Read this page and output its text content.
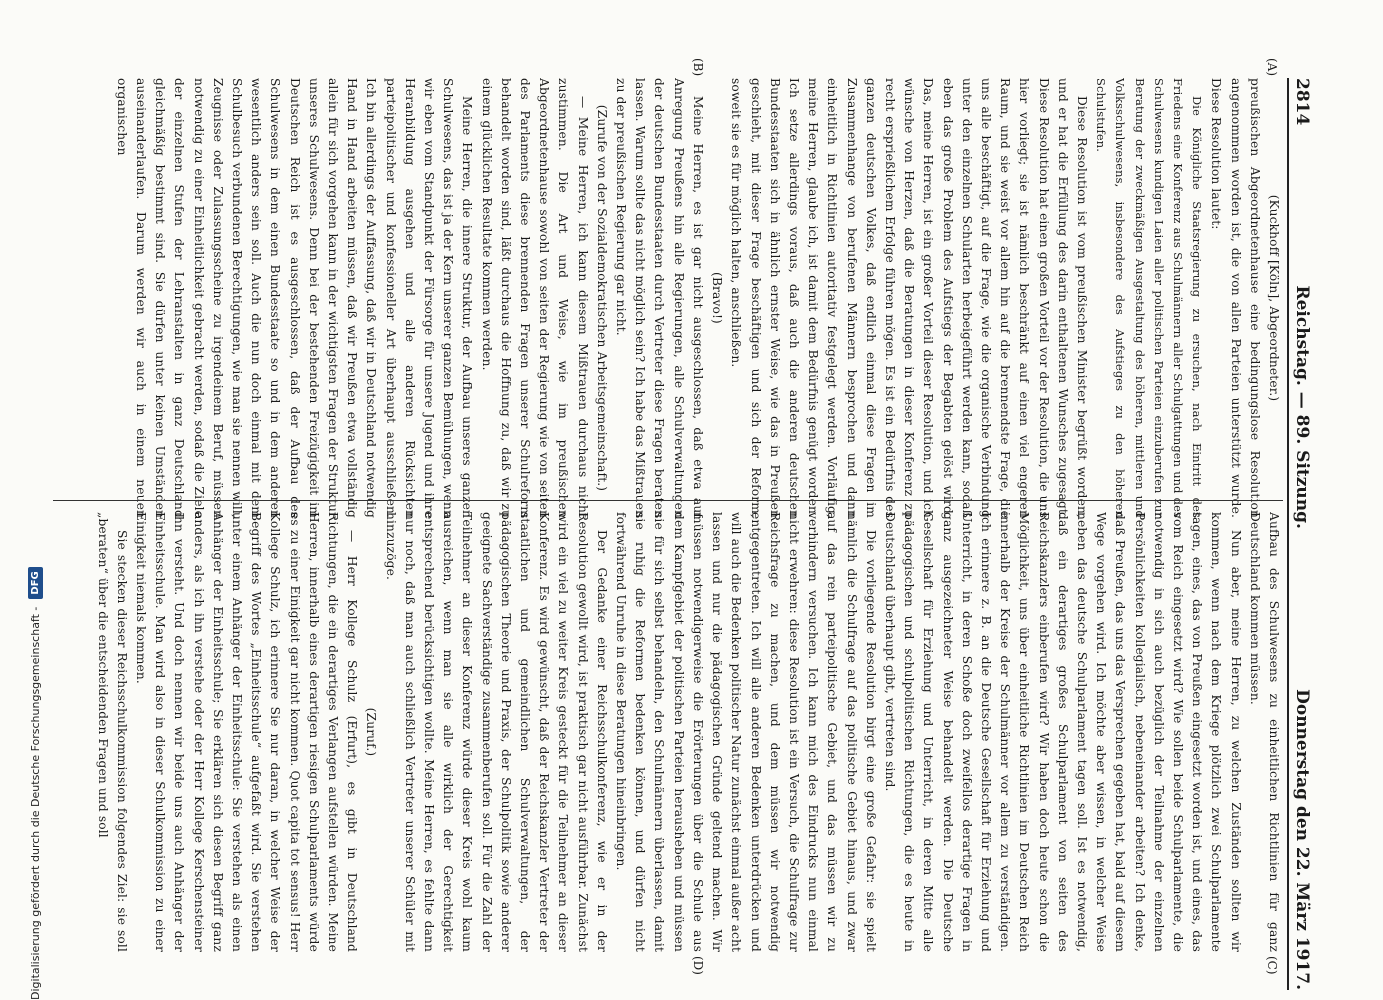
2814
Reichstag. — 89. Sitzung.
Donnerstag den 22. März 1917.
(A)
(B)
(C)
(D)

(Kuckhoff [Köln], Abgeordneter.)

preußischen Abgeordnetenhause eine bedingungslose Resolution angenommen worden ist, die von allen Parteien unterstützt wurde. Diese Resolution lautet:

Die Königliche Staatsregierung zu ersuchen, nach Eintritt des Friedens eine Konferenz aus Schulmännern aller Schulgattungen und des Schulwesens kundigen Laien aller politischen Parteien einzuberufen zur Beratung der zweckmäßigen Ausgestaltung des höheren, mittleren und Volksschulwesens, insbesondere des Aufstieges zu den höheren Schulstufen.

Diese Resolution ist vom preußischen Minister begrüßt worden, und er hat die Erfüllung des darin enthaltenen Wunsches zugesagt. Diese Resolution hat einen großen Vorteil vor der Resolution, die uns hier vorliegt; sie ist nämlich beschränkt auf einen viel engeren Raum, und sie weist vor allem hin auf die brennendste Frage, die uns alle beschäftigt, auf die Frage, wie die organische Verbindung unter den einzelnen Schularten herbeigeführt werden kann, sodaß eben das große Problem des Aufstiegs der Begabten gelöst wird. Das, meine Herren, ist ein großer Vorteil dieser Resolution, und ich wünsche von Herzen, daß die Beratungen in dieser Konferenz zu recht ersprießlichem Erfolge führen mögen. Es ist ein Bedürfnis des ganzen deutschen Volkes, daß endlich einmal diese Fragen im Zusammenhange von berufenen Männern besprochen und dann einheitlich in Richtlinien autoritativ festgelegt werden. Vorläufig, meine Herren, glaube ich, ist damit dem Bedürfnis genügt worden. Ich setze allerdings voraus, daß auch die anderen deutschen Bundesstaaten sich in ähnlich ernster Weise, wie das in Preußen geschieht, mit dieser Frage beschäftigen und sich der Reform, soweit sie es für möglich halten, anschließen.

(Bravo!)

Meine Herren, es ist gar nicht ausgeschlossen, daß etwa auf Anregung Preußens hin alle Regierungen, alle Schulverwaltungen der deutschen Bundesstaaten durch Vertreter diese Fragen beraten lassen. Warum sollte das nicht möglich sein? Ich habe das Mißtrauen zu der preußischen Regierung gar nicht.

(Zurufe von der Sozialdemokratischen Arbeitsgemeinschaft.)

— Meine Herren, ich kann diesem Mißtrauen durchaus nicht zustimmen. Die Art und Weise, wie im preußischen Abgeordnetenhause sowohl von seiten der Regierung wie von seiten des Parlaments diese brennenden Fragen unserer Schulreform behandelt worden sind, läßt durchaus die Hoffnung zu, daß wir zu einem glücklichen Resultate kommen werden.

Meine Herren, die innere Struktur, der Aufbau unseres ganzen Schulwesens, das ist ja der Kern unserer ganzen Bemühungen, wenn wir eben vom Standpunkt der Fürsorge für unsere Jugend und ihre Heranbildung ausgehen und alle anderen Rücksichten parteipolitischer und konfessioneller Art überhaupt ausschließen. Ich bin allerdings der Auffassung, daß wir in Deutschland notwendig Hand in Hand arbeiten müssen, daß wir Preußen etwa vollständig allein für sich vorgehen kann in der wichtigsten Fragen der Struktur unseres Schulwesens. Denn bei der bestehenden Freizügigkeit im Deutschen Reich ist es ausgeschlossen, daß der Aufbau des Schulwesens in dem einen Bundesstaate so und in dem anderen wesentlich anders sein soll. Auch die nun doch einmal mit dem Schulbesuch verbundenen Berechtigungen, wie man sie nennen will, Zeugnisse oder Zulassungsscheine zu irgendeinem Beruf, müssen notwendig zu einer Einheitlichkeit gebracht werden, sodaß die Ziele der einzelnen Stufen der Lehranstalten in ganz Deutschland gleichmäßig bestimmt sind. Sie dürfen unter keinen Umständen auseinanderlaufen. Darum werden wir auch in einem neuen organischen

Aufbau des Schulwesens zu einheitlichen Richtlinien für ganz Deutschland kommen müssen.

Nun aber, meine Herren, zu welchen Zuständen sollten wir kommen, wenn nach dem Kriege plötzlich zwei Schulparlamente tagen, eines, das von Preußen eingesetzt worden ist, und eines, das vom Reich eingesetzt wird? Wie sollen beide Schulparlamente, die notwendig in sich auch bezüglich der Teilnahme der einzelnen Persönlichkeiten kollegialisch, nebeneinander arbeiten? Ich denke, daß Preußen, das uns das Versprechen gegeben hat, bald auf diesem Wege vorgehen wird. Ich möchte aber wissen, in welcher Weise neben das deutsche Schulparlament tagen soll. Ist es notwendig, daß ein derartiges großes Schulparlament von seiten des Reichskanzlers einberufen wird? Wir haben doch heute schon die Möglichkeit, uns über einheitliche Richtlinien im Deutschen Reich innerhalb der Kreise der Schulmänner vor allem zu verständigen. Ich erinnere z. B. an die Deutsche Gesellschaft für Erziehung und Unterricht, in deren Schoße doch zweifellos derartige Fragen in ganz ausgezeichneter Weise behandelt werden. Die Deutsche Gesellschaft für Erziehung und Unterricht, in deren Mitte alle pädagogischen und schulpolitischen Richtungen, die es heute in Deutschland überhaupt gibt, vertreten sind.

Die vorliegende Resolution birgt eine große Gefahr: sie spielt nämlich die Schulfrage auf das politische Gebiet hinaus, und zwar auf das rein parteipolitische Gebiet, und das müssen wir zu verhindern versuchen. Ich kann mich des Eindrucks nun einmal nicht erwehren: diese Resolution ist ein Versuch, die Schulfrage zur Reichsfrage zu machen, und dem müssen wir notwendig entgegentreten. Ich will alle anderen Bedenken unterdrücken und will auch die Bedenken politischer Natur zunächst einmal außer acht lassen und nur die pädagogischen Gründe geltend machen. Wir müssen notwendigerweise die Erörterungen über die Schule aus dem Kampfgebiet der politischen Parteien herausheben und müssen sie für sich selbst behandeln, den Schulmännern überlassen, damit sie ruhig die Reformen bedenken können, und dürfen nicht fortwährend Unruhe in diese Beratungen hineinbringen.

Der Gedanke einer Reichsschulkonferenz, wie er in der Resolution gewollt wird, ist praktisch gar nicht ausführbar. Zunächst wird ein viel zu weiter Kreis gesteckt für die Teilnehmer an dieser Konferenz. Es wird gewünscht, daß der Reichskanzler Vertreter der staatlichen und gemeindlichen Schulverwaltungen, der pädagogischen Theorie und Praxis, der Schulpolitik sowie anderer geeignete Sachverständige zusammenberufen soll. Für die Zahl der Teilnehmer an dieser Konferenz würde dieser Kreis wohl kaum ausreichen, wenn man sie alle wirklich der Gerechtigkeit entsprechend berücksichtigen wollte. Meine Herren, es fehlte dann nur noch, daß man auch schließlich Vertreter unserer Schüler mit hinzuzöge.

(Zuruf.)

— Herr Kollege Schulz (Erfurt), es gibt in Deutschland Richtungen, die ein derartiges Verlangen aufstellen würden. Meine Herren, innerhalb eines derartigen riesigen Schulparlaments würde es zu einer Einigkeit gar nicht kommen. Quot capita tot sensus! Herr Kollege Schulz, ich erinnere Sie nur daran, in welcher Weise der Begriff des Wortes „Einheitsschule“ aufgefaßt wird. Sie verstehen unter einem Anhänger der Einheitsschule: Sie verstehen als einen Anhänger der Einheitsschule; Sie erklären sich diesen Begriff ganz anders, als ich ihn verstehe oder der Herr Kollege Kerschensteiner ihn versteht. Und doch nennen wir beide uns auch Anhänger der Einheitsschule. Man wird also in dieser Schulkommission zu einer Einigkeit niemals kommen.

Sie stecken dieser Reichsschulkommission folgendes Ziel: sie soll „beraten“ über die entscheidenden Fragen und soll

Digitalisierung gefördert durch die Deutsche Forschungsgemeinschaft -
DFG
